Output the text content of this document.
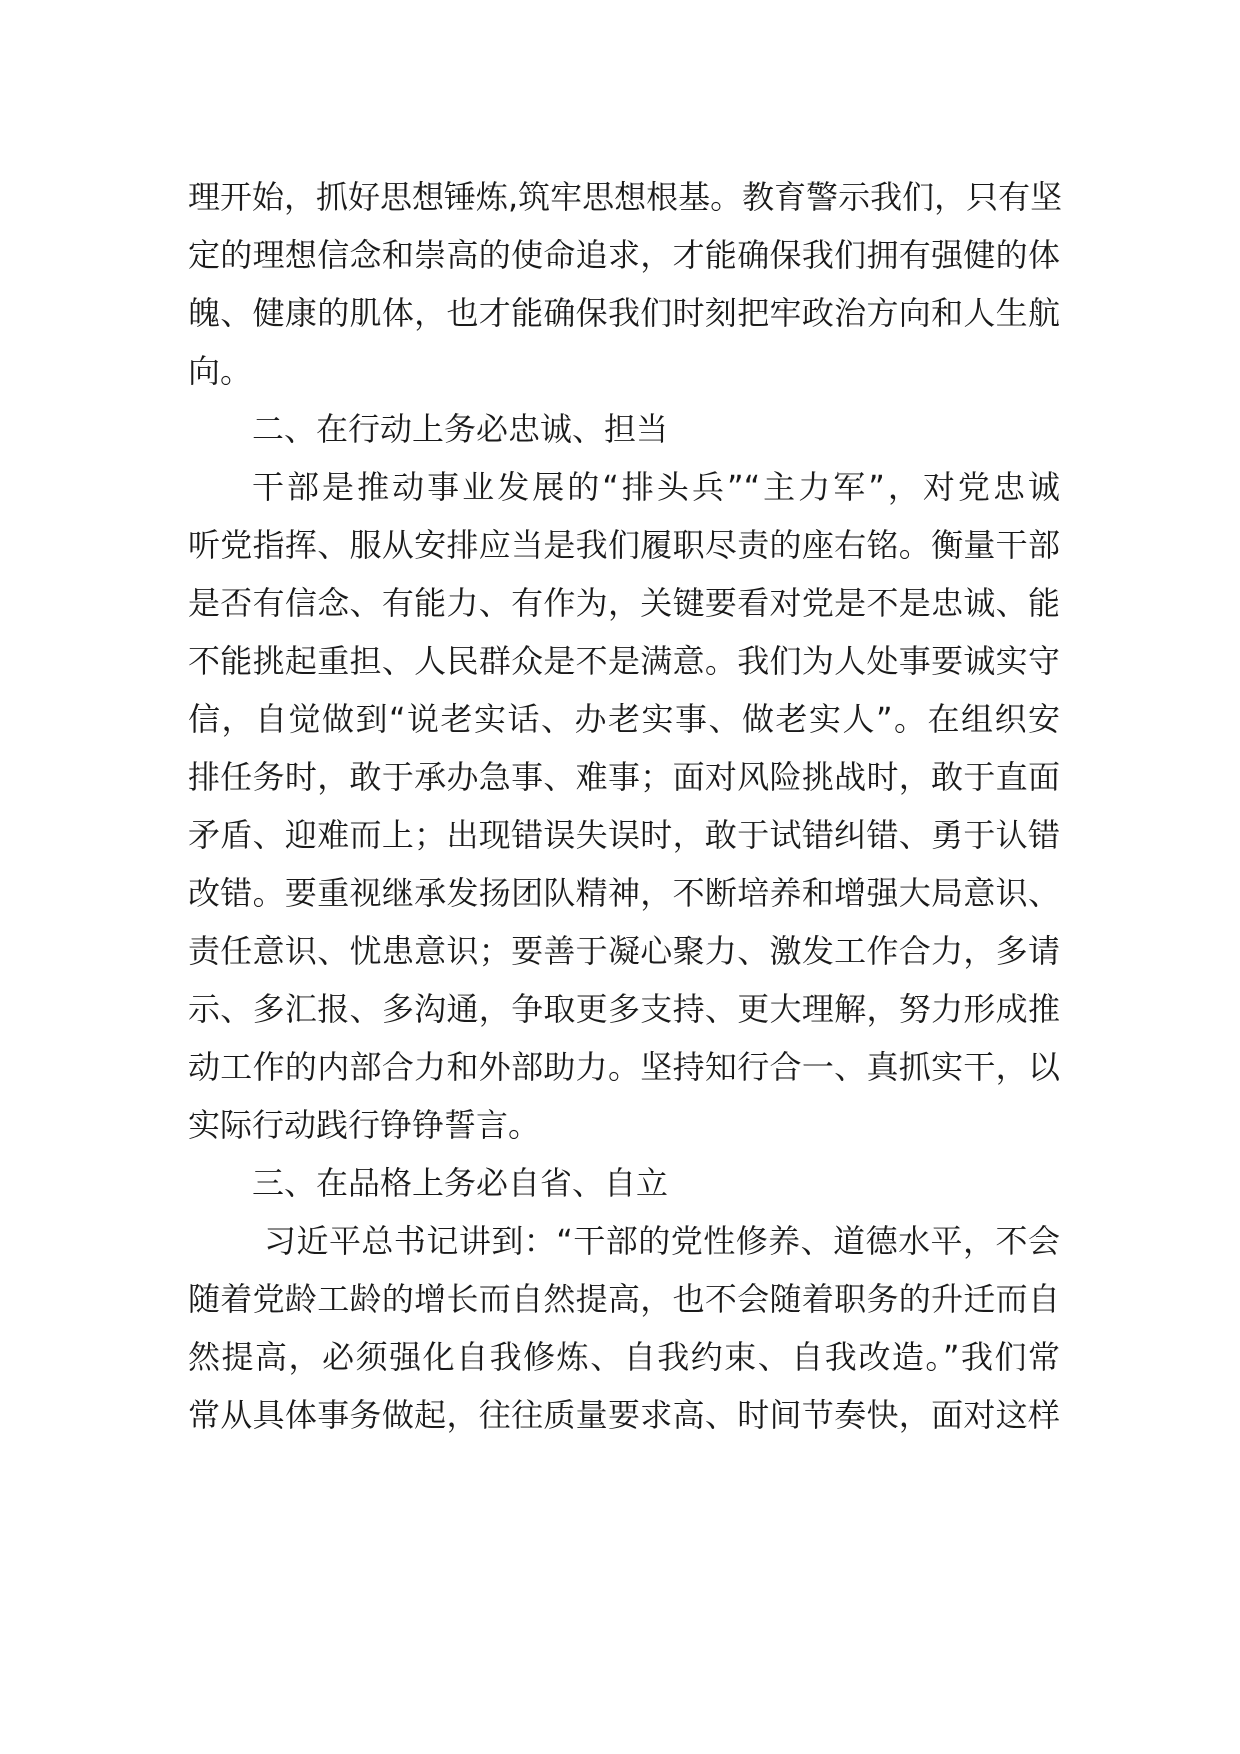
理开始，抓好思想锤炼,筑牢思想根基。教育警示我们，只有坚
定的理想信念和崇高的使命追求，才能确保我们拥有强健的体
魄、健康的肌体，也才能确保我们时刻把牢政治方向和人生航
向。
二、在行动上务必忠诚、担当
干部是推动事业发展的“排头兵”“主力军”，对党忠诚
听党指挥、服从安排应当是我们履职尽责的座右铭。衡量干部
是否有信念、有能力、有作为，关键要看对党是不是忠诚、能
不能挑起重担、人民群众是不是满意。我们为人处事要诚实守
信，自觉做到“说老实话、办老实事、做老实人”。在组织安
排任务时，敢于承办急事、难事；面对风险挑战时，敢于直面
矛盾、迎难而上；出现错误失误时，敢于试错纠错、勇于认错
改错。要重视继承发扬团队精神，不断培养和增强大局意识、
责任意识、忧患意识；要善于凝心聚力、激发工作合力，多请
示、多汇报、多沟通，争取更多支持、更大理解，努力形成推
动工作的内部合力和外部助力。坚持知行合一、真抓实干，以
实际行动践行铮铮誓言。
三、在品格上务必自省、自立
习近平总书记讲到：“干部的党性修养、道德水平，不会
随着党龄工龄的增长而自然提高，也不会随着职务的升迁而自
然提高，必须强化自我修炼、自我约束、自我改造。”我们常
常从具体事务做起，往往质量要求高、时间节奏快，面对这样
